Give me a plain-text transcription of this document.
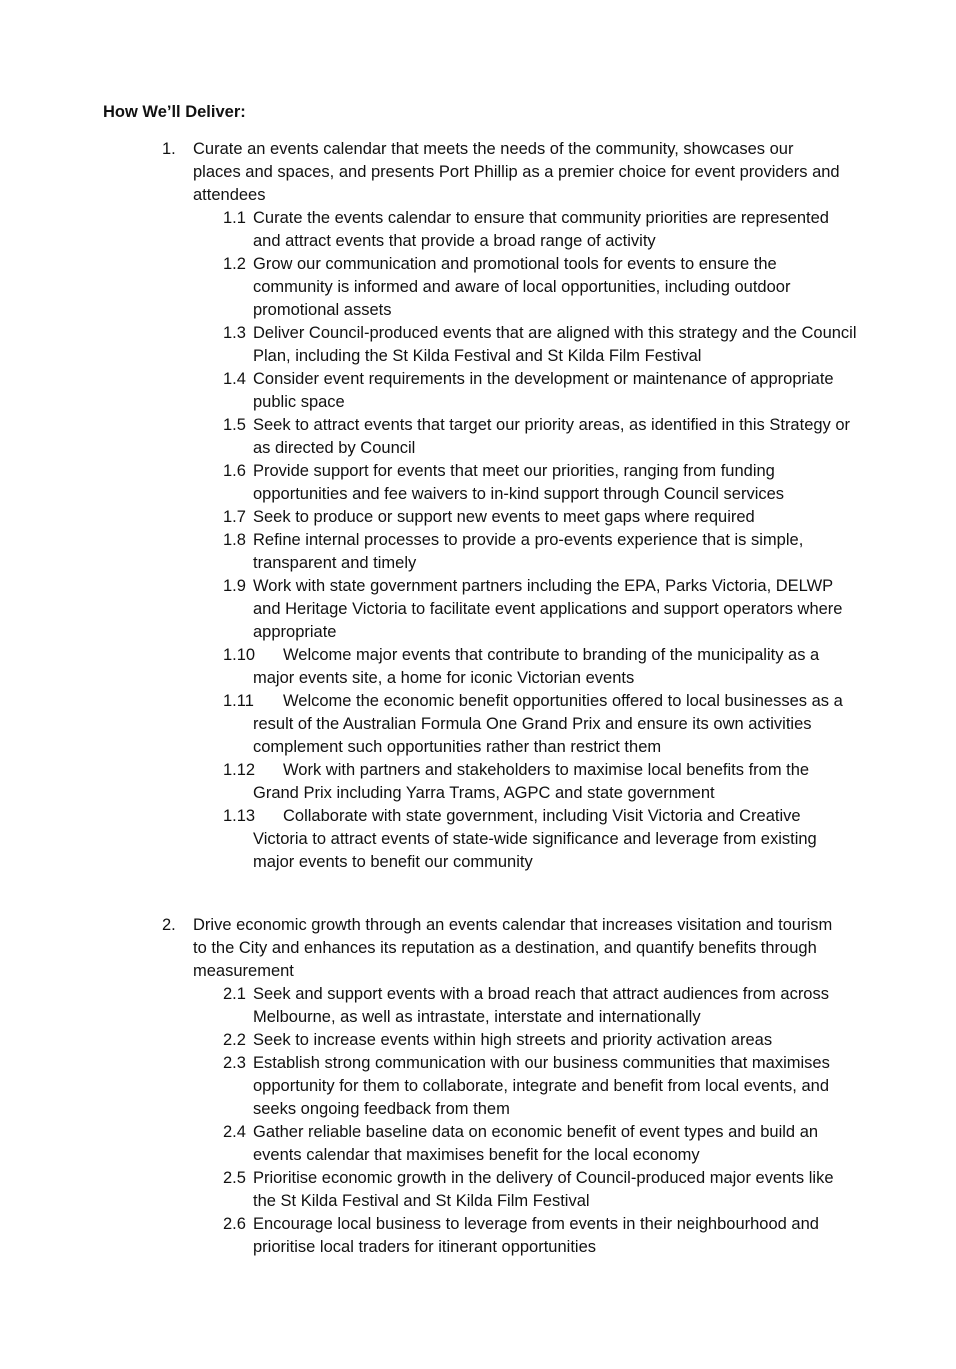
How We’ll Deliver:
1. Curate an events calendar that meets the needs of the community, showcases our places and spaces, and presents Port Phillip as a premier choice for event providers and attendees
1.1 Curate the events calendar to ensure that community priorities are represented and attract events that provide a broad range of activity
1.2 Grow our communication and promotional tools for events to ensure the community is informed and aware of local opportunities, including outdoor promotional assets
1.3 Deliver Council-produced events that are aligned with this strategy and the Council Plan, including the St Kilda Festival and St Kilda Film Festival
1.4 Consider event requirements in the development or maintenance of appropriate public space
1.5 Seek to attract events that target our priority areas, as identified in this Strategy or as directed by Council
1.6 Provide support for events that meet our priorities, ranging from funding opportunities and fee waivers to in-kind support through Council services
1.7 Seek to produce or support new events to meet gaps where required
1.8 Refine internal processes to provide a pro-events experience that is simple, transparent and timely
1.9 Work with state government partners including the EPA, Parks Victoria, DELWP and Heritage Victoria to facilitate event applications and support operators where appropriate
1.10	Welcome major events that contribute to branding of the municipality as a major events site, a home for iconic Victorian events
1.11	Welcome the economic benefit opportunities offered to local businesses as a result of the Australian Formula One Grand Prix and ensure its own activities complement such opportunities rather than restrict them
1.12	Work with partners and stakeholders to maximise local benefits from the Grand Prix including Yarra Trams, AGPC and state government
1.13	Collaborate with state government, including Visit Victoria and Creative Victoria to attract events of state-wide significance and leverage from existing major events to benefit our community
2. Drive economic growth through an events calendar that increases visitation and tourism to the City and enhances its reputation as a destination, and quantify benefits through measurement
2.1 Seek and support events with a broad reach that attract audiences from across Melbourne, as well as intrastate, interstate and internationally
2.2 Seek to increase events within high streets and priority activation areas
2.3 Establish strong communication with our business communities that maximises opportunity for them to collaborate, integrate and benefit from local events, and seeks ongoing feedback from them
2.4 Gather reliable baseline data on economic benefit of event types and build an events calendar that maximises benefit for the local economy
2.5 Prioritise economic growth in the delivery of Council-produced major events like the St Kilda Festival and St Kilda Film Festival
2.6 Encourage local business to leverage from events in their neighbourhood and prioritise local traders for itinerant opportunities
